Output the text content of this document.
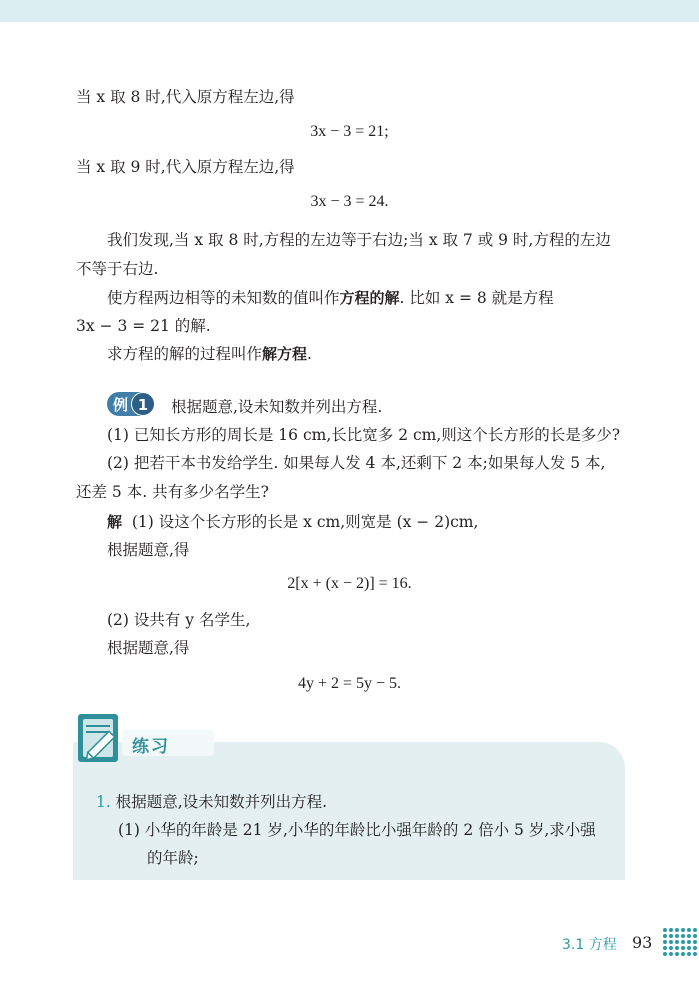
当 x 取 8 时,代入原方程左边,得
3x − 3 = 21;
当 x 取 9 时,代入原方程左边,得
3x − 3 = 24.
我们发现,当 x 取 8 时,方程的左边等于右边;当 x 取 7 或 9 时,方程的左边
不等于右边.
使方程两边相等的未知数的值叫作方程的解. 比如 x = 8 就是方程
3x − 3 = 21 的解.
求方程的解的过程叫作解方程.
例 1	根据题意,设未知数并列出方程.
(1) 已知长方形的周长是 16 cm,长比宽多 2 cm,则这个长方形的长是多少?
(2) 把若干本书发给学生. 如果每人发 4 本,还剩下 2 本;如果每人发 5 本,
还差 5 本. 共有多少名学生?
解 (1) 设这个长方形的长是 x cm,则宽是 (x − 2)cm,
根据题意,得
2[x + (x − 2)] = 16.
(2) 设共有 y 名学生,
根据题意,得
4y + 2 = 5y − 5.
练习
1. 根据题意,设未知数并列出方程.
(1) 小华的年龄是 21 岁,小华的年龄比小强年龄的 2 倍小 5 岁,求小强
的年龄;
3.1 方程 93
